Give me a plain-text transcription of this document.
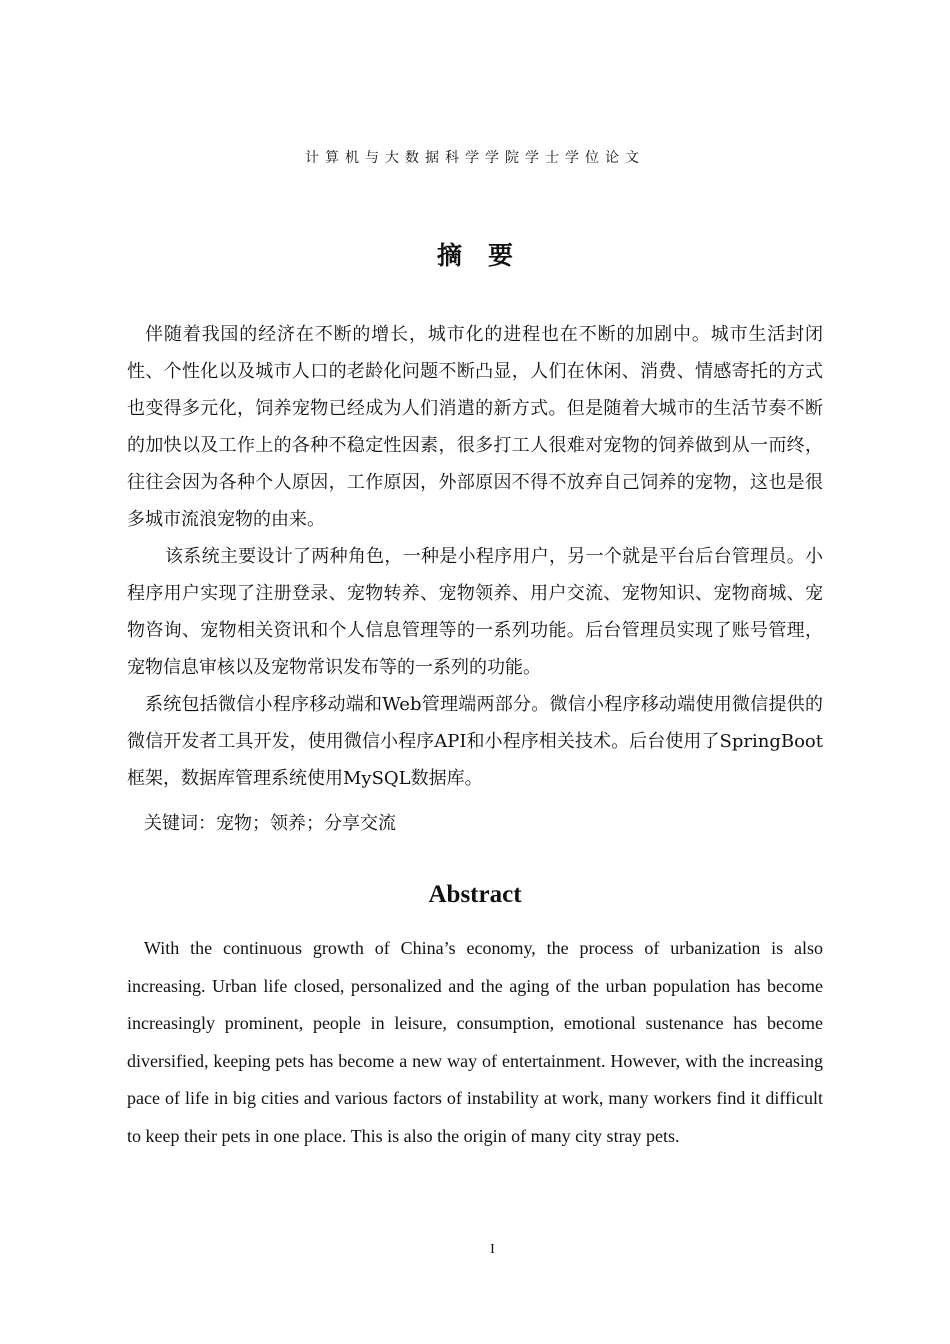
计算机与大数据科学学院学士学位论文
摘要

伴随着我国的经济在不断的增长，城市化的进程也在不断的加剧中。城市生活封闭性、个性化以及城市人口的老龄化问题不断凸显，人们在休闲、消费、情感寄托的方式也变得多元化，饲养宠物已经成为人们消遣的新方式。但是随着大城市的生活节奏不断的加快以及工作上的各种不稳定性因素，很多打工人很难对宠物的饲养做到从一而终，往往会因为各种个人原因，工作原因，外部原因不得不放弃自己饲养的宠物，这也是很多城市流浪宠物的由来。

该系统主要设计了两种角色，一种是小程序用户，另一个就是平台后台管理员。小程序用户实现了注册登录、宠物转养、宠物领养、用户交流、宠物知识、宠物商城、宠物咨询、宠物相关资讯和个人信息管理等的一系列功能。后台管理员实现了账号管理，宠物信息审核以及宠物常识发布等的一系列的功能。

系统包括微信小程序移动端和Web管理端两部分。微信小程序移动端使用微信提供的微信开发者工具开发，使用微信小程序API和小程序相关技术。后台使用了SpringBoot框架，数据库管理系统使用MySQL数据库。

关键词：宠物；领养；分享交流
Abstract

With the continuous growth of China’s economy, the process of urbanization is also increasing. Urban life closed, personalized and the aging of the urban population has become increasingly prominent, people in leisure, consumption, emotional sustenance has become diversified, keeping pets has become a new way of entertainment. However, with the increasing pace of life in big cities and various factors of instability at work, many workers find it difficult to keep their pets in one place. This is also the origin of many city stray pets.

I
